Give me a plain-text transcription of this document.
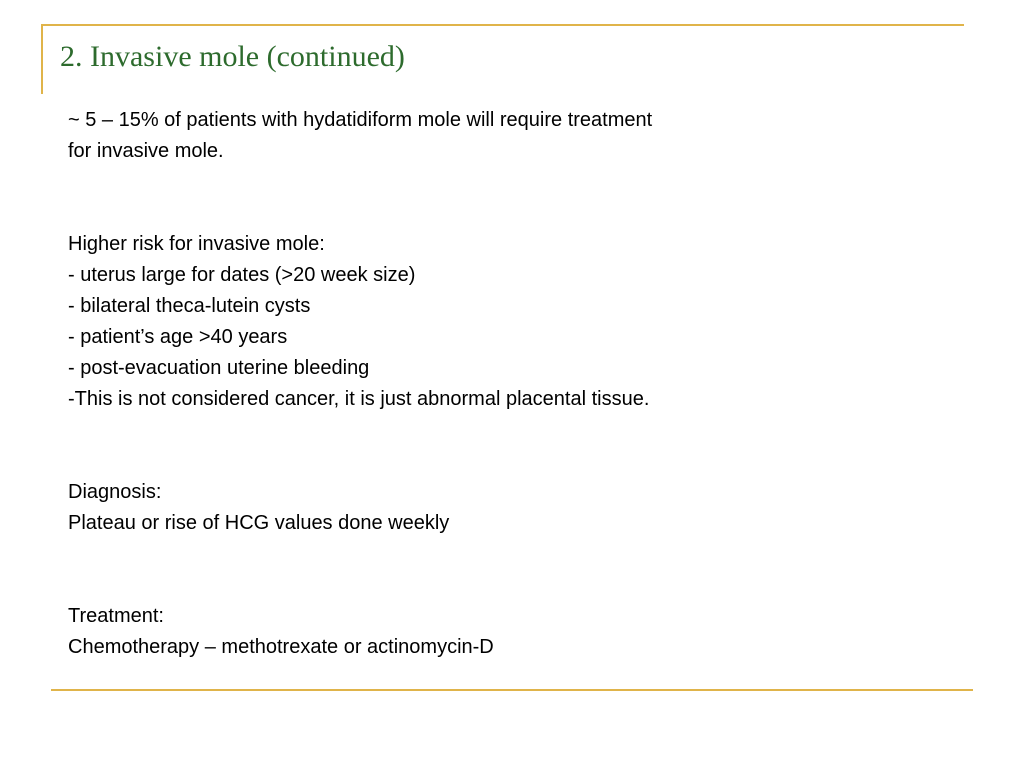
2. Invasive mole (continued)

~ 5 – 15% of patients with hydatidiform mole will require treatment
for invasive mole.

Higher risk for invasive mole:
- uterus large for dates (>20 week size)
- bilateral theca-lutein cysts
- patient’s age >40 years
- post-evacuation uterine bleeding
-This is not considered cancer, it is just abnormal placental tissue.

Diagnosis:
Plateau or rise of HCG values done weekly

Treatment:
Chemotherapy – methotrexate or actinomycin-D
